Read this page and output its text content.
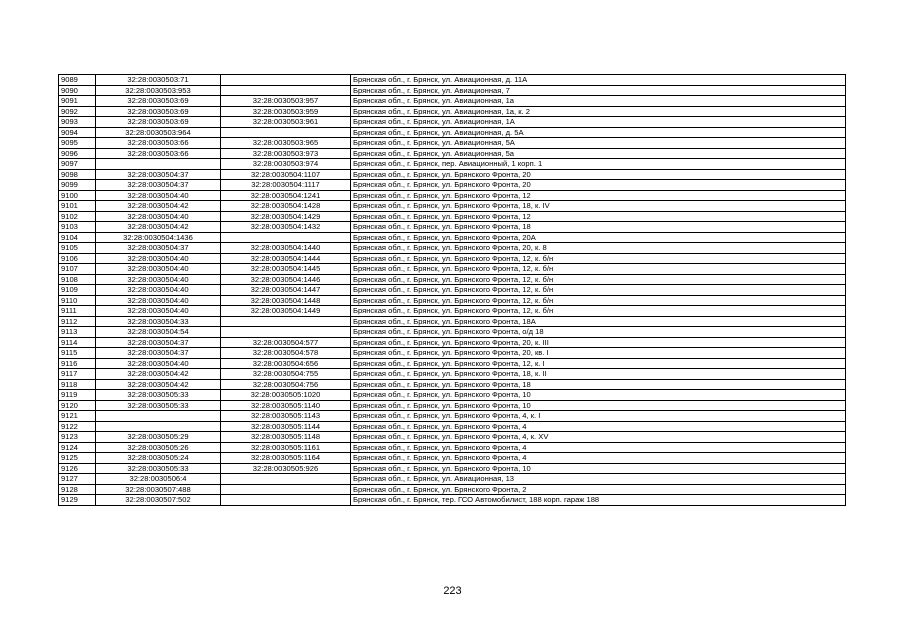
9089	32:28:0030503:71		Брянская обл., г. Брянск, ул. Авиационная, д. 11А
9090	32:28:0030503:953		Брянская обл., г. Брянск, ул. Авиационная, 7
9091	32:28:0030503:69	32:28:0030503:957	Брянская обл., г. Брянск, ул. Авиационная, 1а
9092	32:28:0030503:69	32:28:0030503:959	Брянская обл., г. Брянск, ул. Авиационная, 1а, к. 2
9093	32:28:0030503:69	32:28:0030503:961	Брянская обл., г. Брянск, ул. Авиационная, 1А
9094	32:28:0030503:964		Брянская обл., г. Брянск, ул. Авиационная, д. 5А
9095	32:28:0030503:66	32:28:0030503:965	Брянская обл., г. Брянск, ул. Авиационная, 5А
9096	32:28:0030503:66	32:28:0030503:973	Брянская обл., г. Брянск, ул. Авиационная, 5а
9097		32:28:0030503:974	Брянская обл., г. Брянск, пер. Авиационный, 1 корп. 1
9098	32:28:0030504:37	32:28:0030504:1107	Брянская обл., г. Брянск, ул. Брянского Фронта, 20
9099	32:28:0030504:37	32:28:0030504:1117	Брянская обл., г. Брянск, ул. Брянского Фронта, 20
9100	32:28:0030504:40	32:28:0030504:1241	Брянская обл., г. Брянск, ул. Брянского Фронта, 12
9101	32:28:0030504:42	32:28:0030504:1428	Брянская обл., г. Брянск, ул. Брянского Фронта, 18, к. IV
9102	32:28:0030504:40	32:28:0030504:1429	Брянская обл., г. Брянск, ул. Брянского Фронта, 12
9103	32:28:0030504:42	32:28:0030504:1432	Брянская обл., г. Брянск, ул. Брянского Фронта, 18
9104	32:28:0030504:1436		Брянская обл., г. Брянск, ул. Брянского Фронта, 20А
9105	32:28:0030504:37	32:28:0030504:1440	Брянская обл., г. Брянск, ул. Брянского Фронта, 20, к. 8
9106	32:28:0030504:40	32:28:0030504:1444	Брянская обл., г. Брянск, ул. Брянского Фронта, 12, к. б/н
9107	32:28:0030504:40	32:28:0030504:1445	Брянская обл., г. Брянск, ул. Брянского Фронта, 12, к. б/н
9108	32:28:0030504:40	32:28:0030504:1446	Брянская обл., г. Брянск, ул. Брянского Фронта, 12, к. б/н
9109	32:28:0030504:40	32:28:0030504:1447	Брянская обл., г. Брянск, ул. Брянского Фронта, 12, к. б/н
9110	32:28:0030504:40	32:28:0030504:1448	Брянская обл., г. Брянск, ул. Брянского Фронта, 12, к. б/н
9111	32:28:0030504:40	32:28:0030504:1449	Брянская обл., г. Брянск, ул. Брянского Фронта, 12, к. б/н
9112	32:28:0030504:33		Брянская обл., г. Брянск, ул. Брянского Фронта, 18А
9113	32:28:0030504:54		Брянская обл., г. Брянск, ул. Брянского Фронта, о/д 18
9114	32:28:0030504:37	32:28:0030504:577	Брянская обл., г. Брянск, ул. Брянского Фронта, 20, к. III
9115	32:28:0030504:37	32:28:0030504:578	Брянская обл., г. Брянск, ул. Брянского Фронта, 20, кв. I
9116	32:28:0030504:40	32:28:0030504:656	Брянская обл., г. Брянск, ул. Брянского Фронта, 12, к. I
9117	32:28:0030504:42	32:28:0030504:755	Брянская обл., г. Брянск, ул. Брянского Фронта, 18, к. II
9118	32:28:0030504:42	32:28:0030504:756	Брянская обл., г. Брянск, ул. Брянского Фронта, 18
9119	32:28:0030505:33	32:28:0030505:1020	Брянская обл., г. Брянск, ул. Брянского Фронта, 10
9120	32:28:0030505:33	32:28:0030505:1140	Брянская обл., г. Брянск, ул. Брянского Фронта, 10
9121		32:28:0030505:1143	Брянская обл., г. Брянск, ул. Брянского Фронта, 4, к. I
9122		32:28:0030505:1144	Брянская обл., г. Брянск, ул. Брянского Фронта, 4
9123	32:28:0030505:29	32:28:0030505:1148	Брянская обл., г. Брянск, ул. Брянского Фронта, 4, к. XV
9124	32:28:0030505:26	32:28:0030505:1161	Брянская обл., г. Брянск, ул. Брянского Фронта, 4
9125	32:28:0030505:24	32:28:0030505:1164	Брянская обл., г. Брянск, ул. Брянского Фронта, 4
9126	32:28:0030505:33	32:28:0030505:926	Брянская обл., г. Брянск, ул. Брянского Фронта, 10
9127	32:28:0030506:4		Брянская обл., г. Брянск, ул. Авиационная, 13
9128	32:28:0030507:488		Брянская обл., г. Брянск, ул. Брянского Фронта, 2
9129	32:28:0030507:502		Брянская обл., г. Брянск, тер. ГСО Автомобилист, 188 корп. гараж 188
223
